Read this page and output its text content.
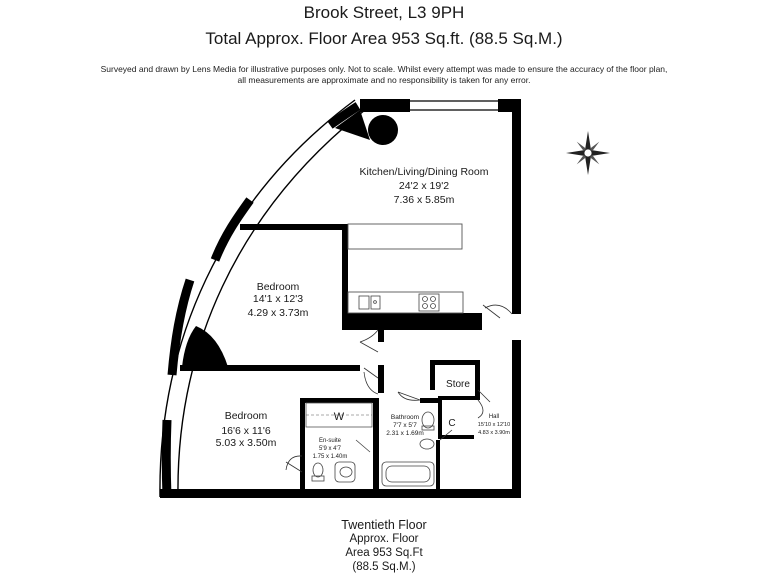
Brook Street, L3 9PH
Total Approx. Floor Area 953 Sq.ft. (88.5 Sq.M.)
Surveyed and drawn by Lens Media for illustrative purposes only. Not to scale. Whilst every attempt was made to ensure the accuracy of the floor plan,
all measurements are approximate and no responsibility is taken for any error.
Kitchen/Living/Dining Room
24'2 x 19'2
7.36 x 5.85m
Bedroom
14'1 x 12'3
4.29 x 3.73m
Bedroom
16'6 x 11'6
5.03 x 3.50m
W
En-suite
5'9 x 4'7
1.75 x 1.40m
Bathroom
7'7 x 5'7
2.31 x 1.69m
Store
C
Hall
15'10 x 12'10
4.83 x 3.90m
Twentieth Floor
Approx. Floor
Area 953 Sq.Ft
(88.5 Sq.M.)
